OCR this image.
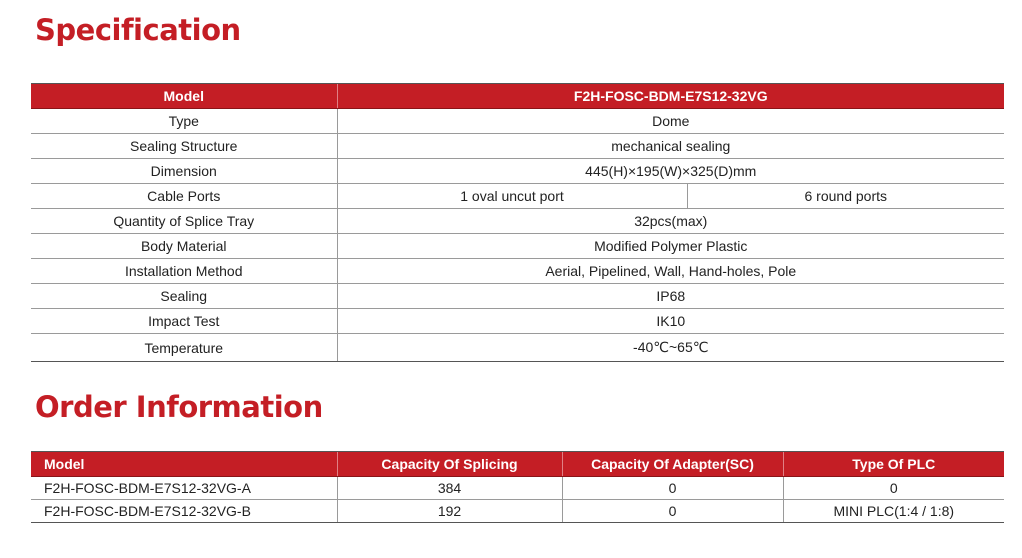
Specification
Model	F2H-FOSC-BDM-E7S12-32VG	
Type	Dome	
Sealing Structure	mechanical sealing	
Dimension	445(H)×195(W)×325(D)mm	
Cable Ports	1 oval uncut port	6 round ports
Quantity of Splice Tray	32pcs(max)	
Body Material	Modified Polymer Plastic	
Installation Method	Aerial, Pipelined, Wall, Hand-holes, Pole	
Sealing	IP68	
Impact Test	IK10	
Temperature	-40℃~65℃	
Order Information
Model	Capacity Of Splicing	Capacity Of Adapter(SC)	Type Of PLC
F2H-FOSC-BDM-E7S12-32VG-A	384	0	0
F2H-FOSC-BDM-E7S12-32VG-B	192	0	MINI PLC(1:4 / 1:8)
